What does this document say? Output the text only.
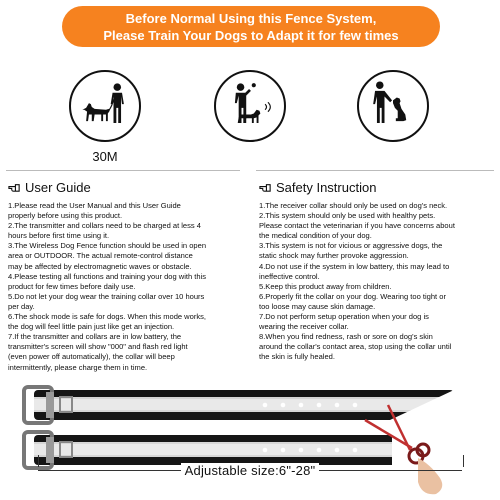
Before Normal Using this Fence System,
Please Train Your Dogs to Adapt it for few times
30M
User Guide
1.Please read the User Manual and this User Guide
properly before using this product.
2.The transmitter and collars need to be charged at less 4
hours before first time using it.
3.The Wireless Dog Fence function should be used in open
area or OUTDOOR. The actual remote-control distance
may be affected by electromagnetic waves or obstacle.
4.Please testing all functions and training your dog with this
product for few times before daily use.
5.Do not let your dog wear the training collar over 10 hours
per day.
6.The shock mode is safe for dogs. When this mode works,
the dog will feel little pain just like get an injection.
7.If the transmitter and collars are in low battery, the
transmitter's screen will show "000" and flash red light
(even power off automatically), the collar will beep
intermittently, please charge them in time.
Safety Instruction
1.The receiver collar should only be used on dog's neck.
2.This system should only be used with healthy pets.
Please contact the veterinarian if you have concerns about
the medical condition of your dog.
3.This system is not for vicious or aggressive dogs, the
static shock may further provoke aggression.
4.Do not use if the system in low battery, this may lead to
ineffective control.
5.Keep this product away from children.
6.Properly fit the collar on your dog. Wearing too tight or
too loose may cause skin damage.
7.Do not perform setup operation when your dog is
wearing the receiver collar.
8.When you find redness, rash or sore on dog's skin
around the collar's contact area, stop using the collar until
the skin is fully healed.
Adjustable size:6"-28"
